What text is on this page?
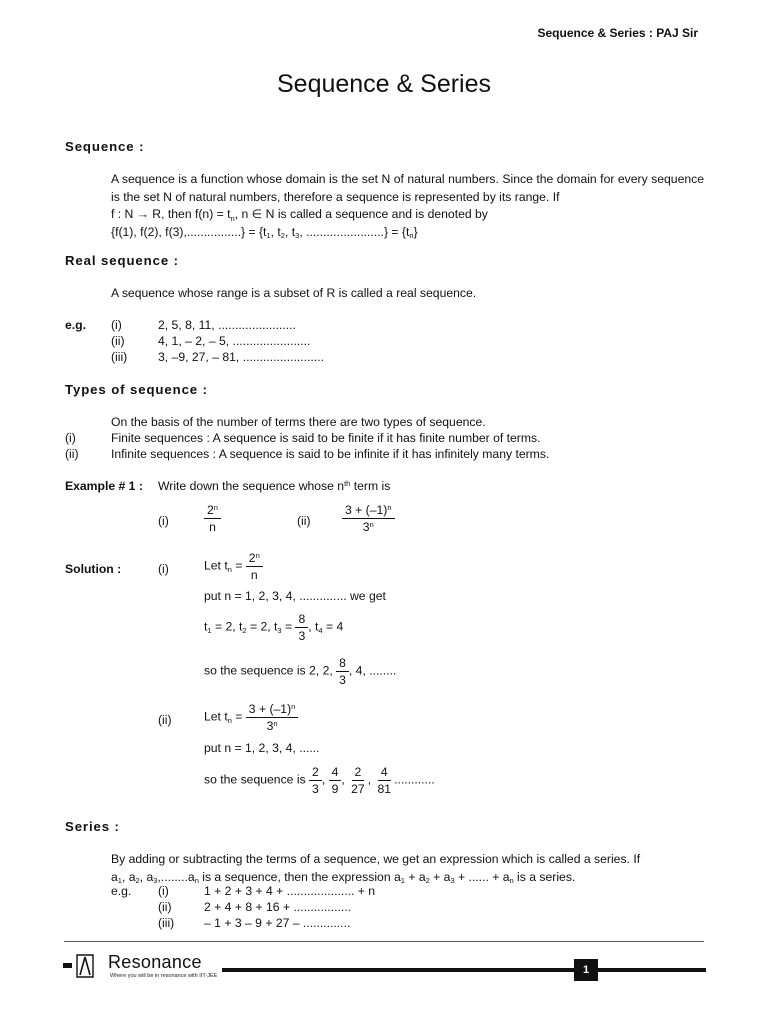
Sequence & Series : PAJ Sir
Sequence & Series
Sequence :
A sequence is a function whose domain is the set N of natural numbers. Since the domain for every sequence is the set N of natural numbers, therefore a sequence is represented by its range. If
f : N → R, then $f(n) = t_n$, n ∈ N is called a sequence and is denoted by
{f(1), f(2), $f(3),................\} = \{t_1$, $t_2$, $t_3$, .......................} = $\{t_n\}$
Real sequence :
A sequence whose range is a subset of R is called a real sequence.
e.g. (i)	2, 5, 8, 11, .......................
(ii)	4, 1, – 2, – 5, .......................
(iii)	3, –9, 27, – 81, ........................
Types of sequence :
On the basis of the number of terms there are two types of sequence.
(i)	Finite sequences : A sequence is said to be finite if it has finite number of terms.
(ii)	Infinite sequences : A sequence is said to be infinite if it has infinitely many terms.
Example # 1 : Write down the sequence whose $n^{th}$ term is
(i)	$\frac{2^n}{n}$	(ii)	$\frac{3 + (-1)^n}{3^n}$
Solution :	(i)	Let $t_n = \frac{2^n}{n}$
put n = 1, 2, 3, 4, .............. we get
$t_1 = 2$, $t_2 = 2$, $t_3 = \frac{8}{3}$ , $t_4 = 4$
so the sequence is 2, 2, $\frac{8}{3}$ , 4, ........
(ii)	Let $t_n = \frac{3 + (-1)^n}{3^n}$
put n = 1, 2, 3, 4, ......
so the sequence is $\frac{2}{3}$ , $\frac{4}{9}$ , $\frac{2}{27}$ , $\frac{4}{81}$ ............
Series :
By adding or subtracting the terms of a sequence, we get an expression which is called a series. If
$a_1$, $a_2$, $a_3,........a_n$ is a sequence, then the expression $a_1 + a_2 + a_3$ + ...... + $a_n$ is a series.
e.g. (i)	1 + 2 + 3 + 4 + .................... + n
(ii)	2 + 4 + 8 + 16 + .................
(iii) – 1 + 3 – 9 + 27 – ..............
Resonance
Where you will be in resonance with IIT-JEE	1
